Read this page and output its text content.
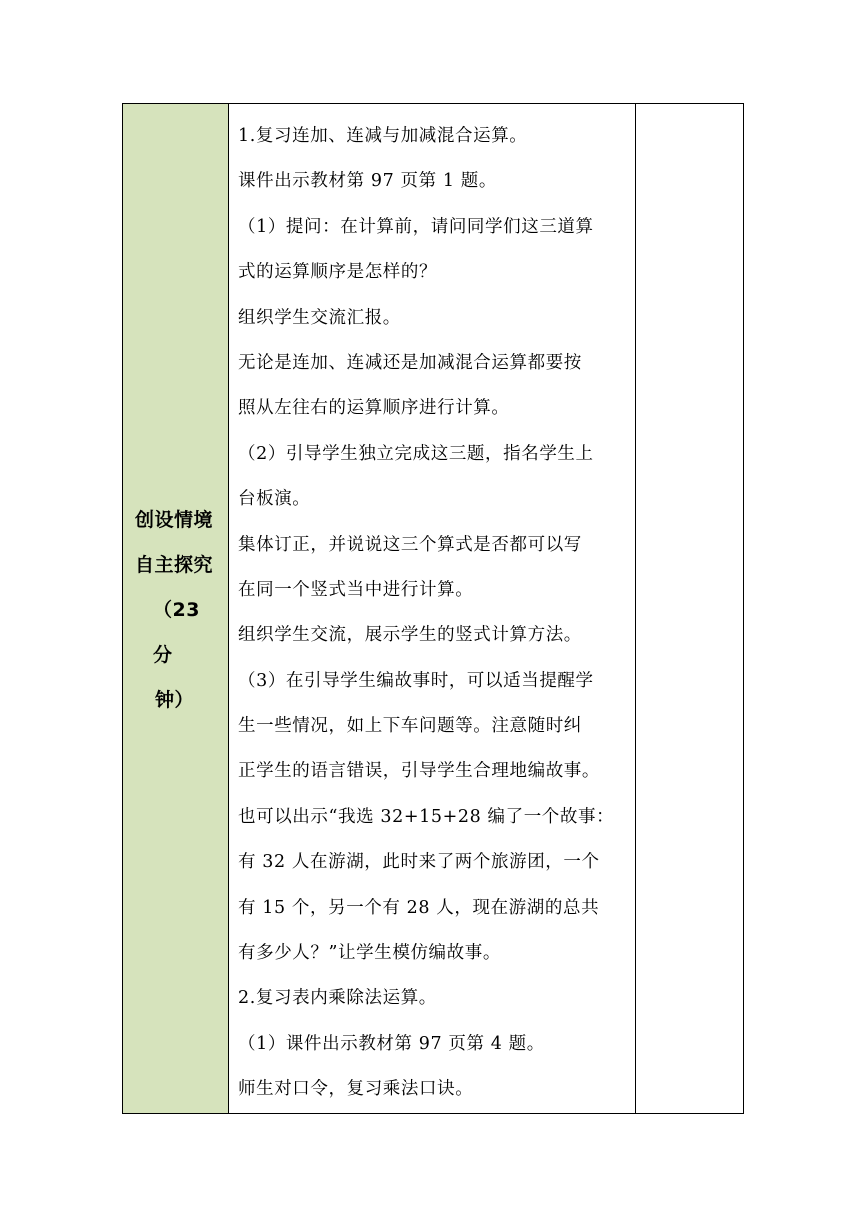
创设情境
自主探究
（23 分
钟）

1.复习连加、连减与加减混合运算。

课件出示教材第 97 页第 1 题。

（1）提问：在计算前，请问同学们这三道算

式的运算顺序是怎样的？

组织学生交流汇报。

无论是连加、连减还是加减混合运算都要按

照从左往右的运算顺序进行计算。

（2）引导学生独立完成这三题，指名学生上

台板演。

集体订正，并说说这三个算式是否都可以写

在同一个竖式当中进行计算。

组织学生交流，展示学生的竖式计算方法。

（3）在引导学生编故事时，可以适当提醒学

生一些情况，如上下车问题等。注意随时纠

正学生的语言错误，引导学生合理地编故事。

也可以出示“我选 32+15+28 编了一个故事：

有 32 人在游湖，此时来了两个旅游团，一个

有 15 个，另一个有 28 人，现在游湖的总共

有多少人？”让学生模仿编故事。

2.复习表内乘除法运算。

（1）课件出示教材第 97 页第 4 题。

师生对口令，复习乘法口诀。
